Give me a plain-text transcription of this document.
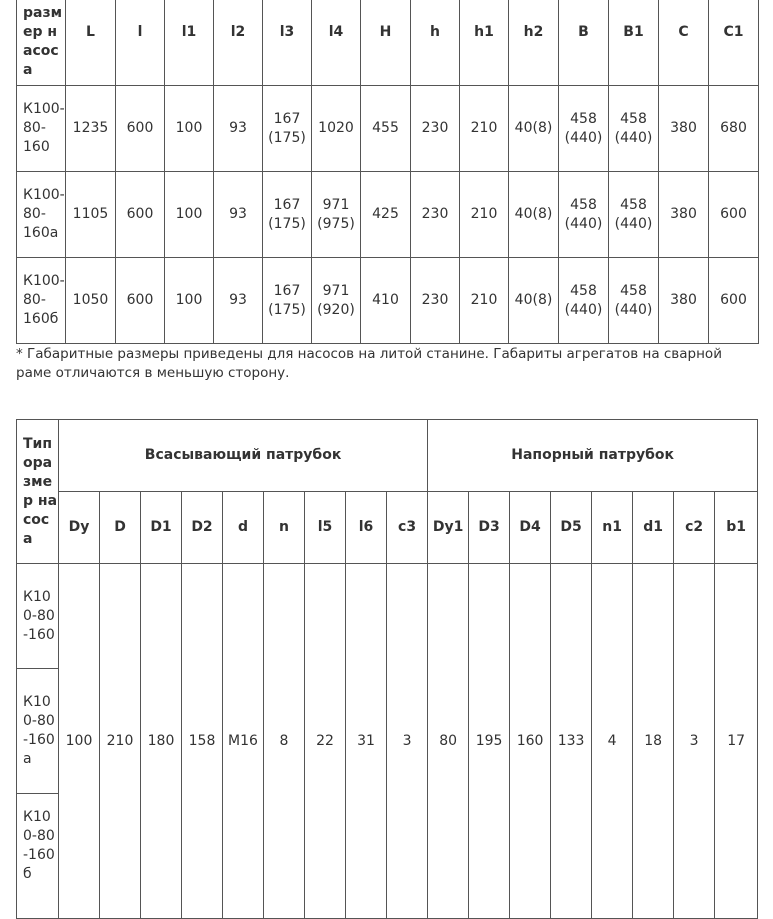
размер насоса	L	l	l1	l2	l3	l4	H	h	h1	h2	B	B1	C	C1
К100-80-160	1235	600	100	93	167 (175)	1020	455	230	210	40(8)	458 (440)	458 (440)	380	680
К100-80-160а	1105	600	100	93	167 (175)	971 (975)	425	230	210	40(8)	458 (440)	458 (440)	380	600
К100-80-160б	1050	600	100	93	167 (175)	971 (920)	410	230	210	40(8)	458 (440)	458 (440)	380	600

* Габаритные размеры приведены для насосов на литой станине. Габариты агрегатов на сварной раме отличаются в меньшую сторону.

Типоразмер насоса	Всасывающий патрубок									Напорный патрубок							
	Dy	D	D1	D2	d	n	l5	l6	c3	Dy1	D3	D4	D5	n1	d1	c2	b1
К100-80-160	100	210	180	158	M16	8	22	31	3	80	195	160	133	4	18	3	17
К100-80-160а																	
К100-80-160б																	
